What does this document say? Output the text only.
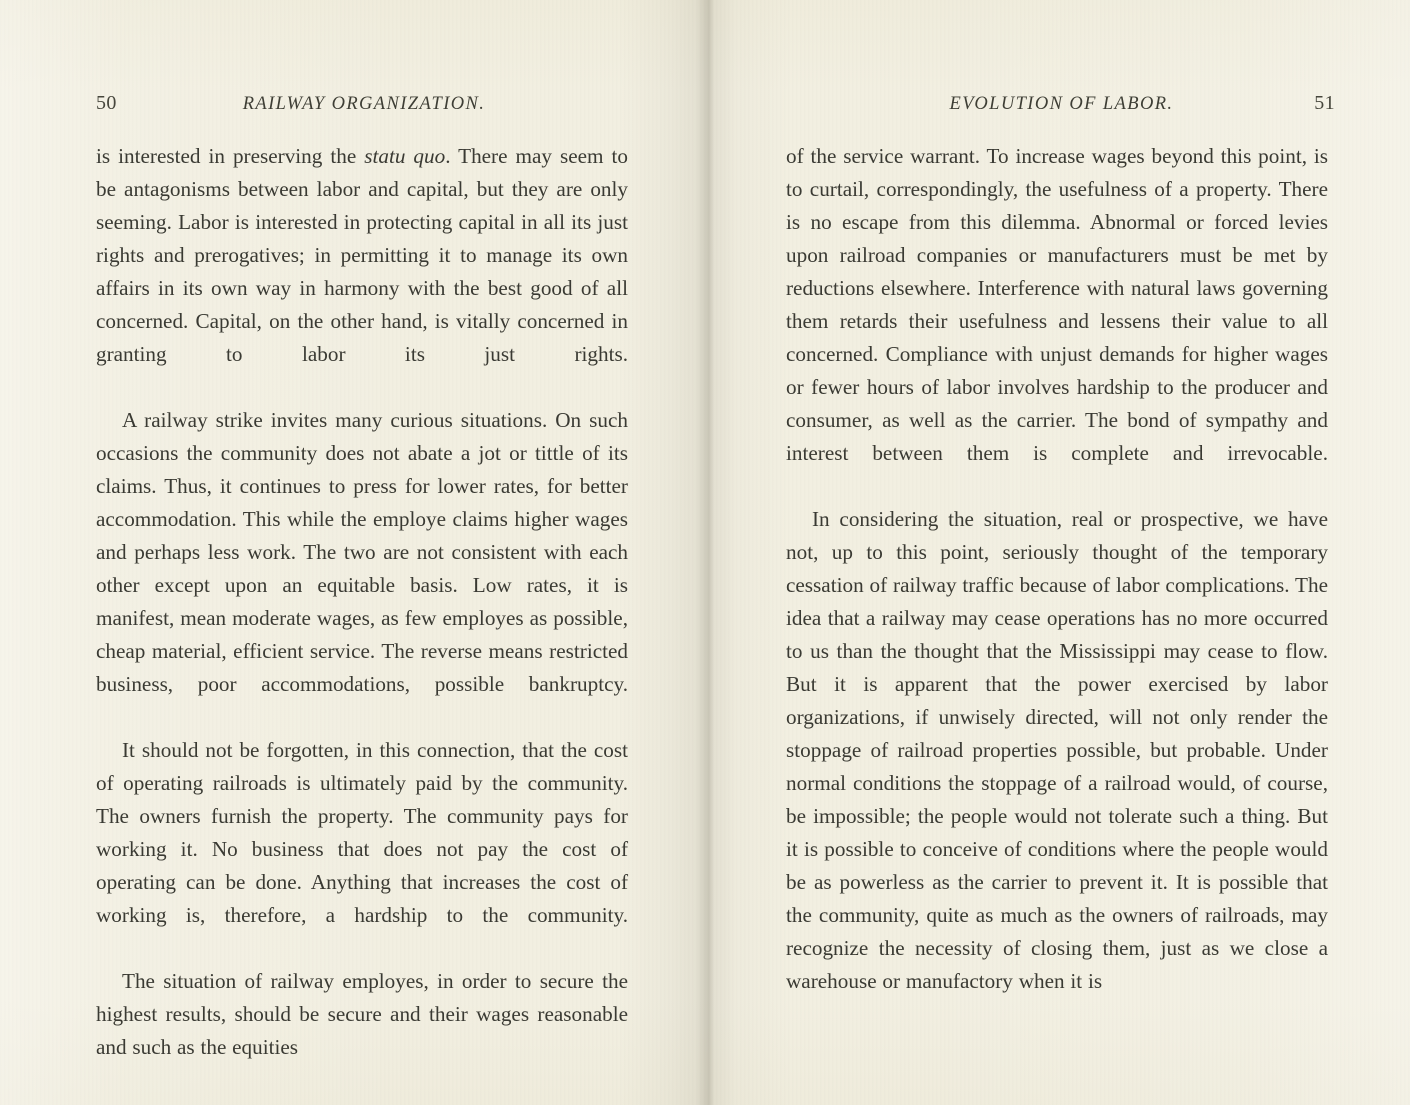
50	RAILWAY ORGANIZATION.

is interested in preserving the statu quo. There may seem to be antagonisms between labor and capital, but they are only seeming. Labor is interested in protecting capital in all its just rights and prerogatives; in permitting it to manage its own affairs in its own way in harmony with the best good of all concerned. Capital, on the other hand, is vitally concerned in granting to labor its just rights.

A railway strike invites many curious situations. On such occasions the community does not abate a jot or tittle of its claims. Thus, it continues to press for lower rates, for better accommodation. This while the employe claims higher wages and perhaps less work. The two are not consistent with each other except upon an equitable basis. Low rates, it is manifest, mean moderate wages, as few employes as possible, cheap material, efficient service. The reverse means restricted business, poor accommodations, possible bankruptcy.

It should not be forgotten, in this connection, that the cost of operating railroads is ultimately paid by the community. The owners furnish the property. The community pays for working it. No business that does not pay the cost of operating can be done. Anything that increases the cost of working is, therefore, a hardship to the community.

The situation of railway employes, in order to secure the highest results, should be secure and their wages reasonable and such as the equities

EVOLUTION OF LABOR.	51

of the service warrant. To increase wages beyond this point, is to curtail, correspondingly, the usefulness of a property. There is no escape from this dilemma. Abnormal or forced levies upon railroad companies or manufacturers must be met by reductions elsewhere. Interference with natural laws governing them retards their usefulness and lessens their value to all concerned. Compliance with unjust demands for higher wages or fewer hours of labor involves hardship to the producer and consumer, as well as the carrier. The bond of sympathy and interest between them is complete and irrevocable.

In considering the situation, real or prospective, we have not, up to this point, seriously thought of the temporary cessation of railway traffic because of labor complications. The idea that a railway may cease operations has no more occurred to us than the thought that the Mississippi may cease to flow. But it is apparent that the power exercised by labor organizations, if unwisely directed, will not only render the stoppage of railroad properties possible, but probable. Under normal conditions the stoppage of a railroad would, of course, be impossible; the people would not tolerate such a thing. But it is possible to conceive of conditions where the people would be as powerless as the carrier to prevent it. It is possible that the community, quite as much as the owners of railroads, may recognize the necessity of closing them, just as we close a warehouse or manufactory when it is
